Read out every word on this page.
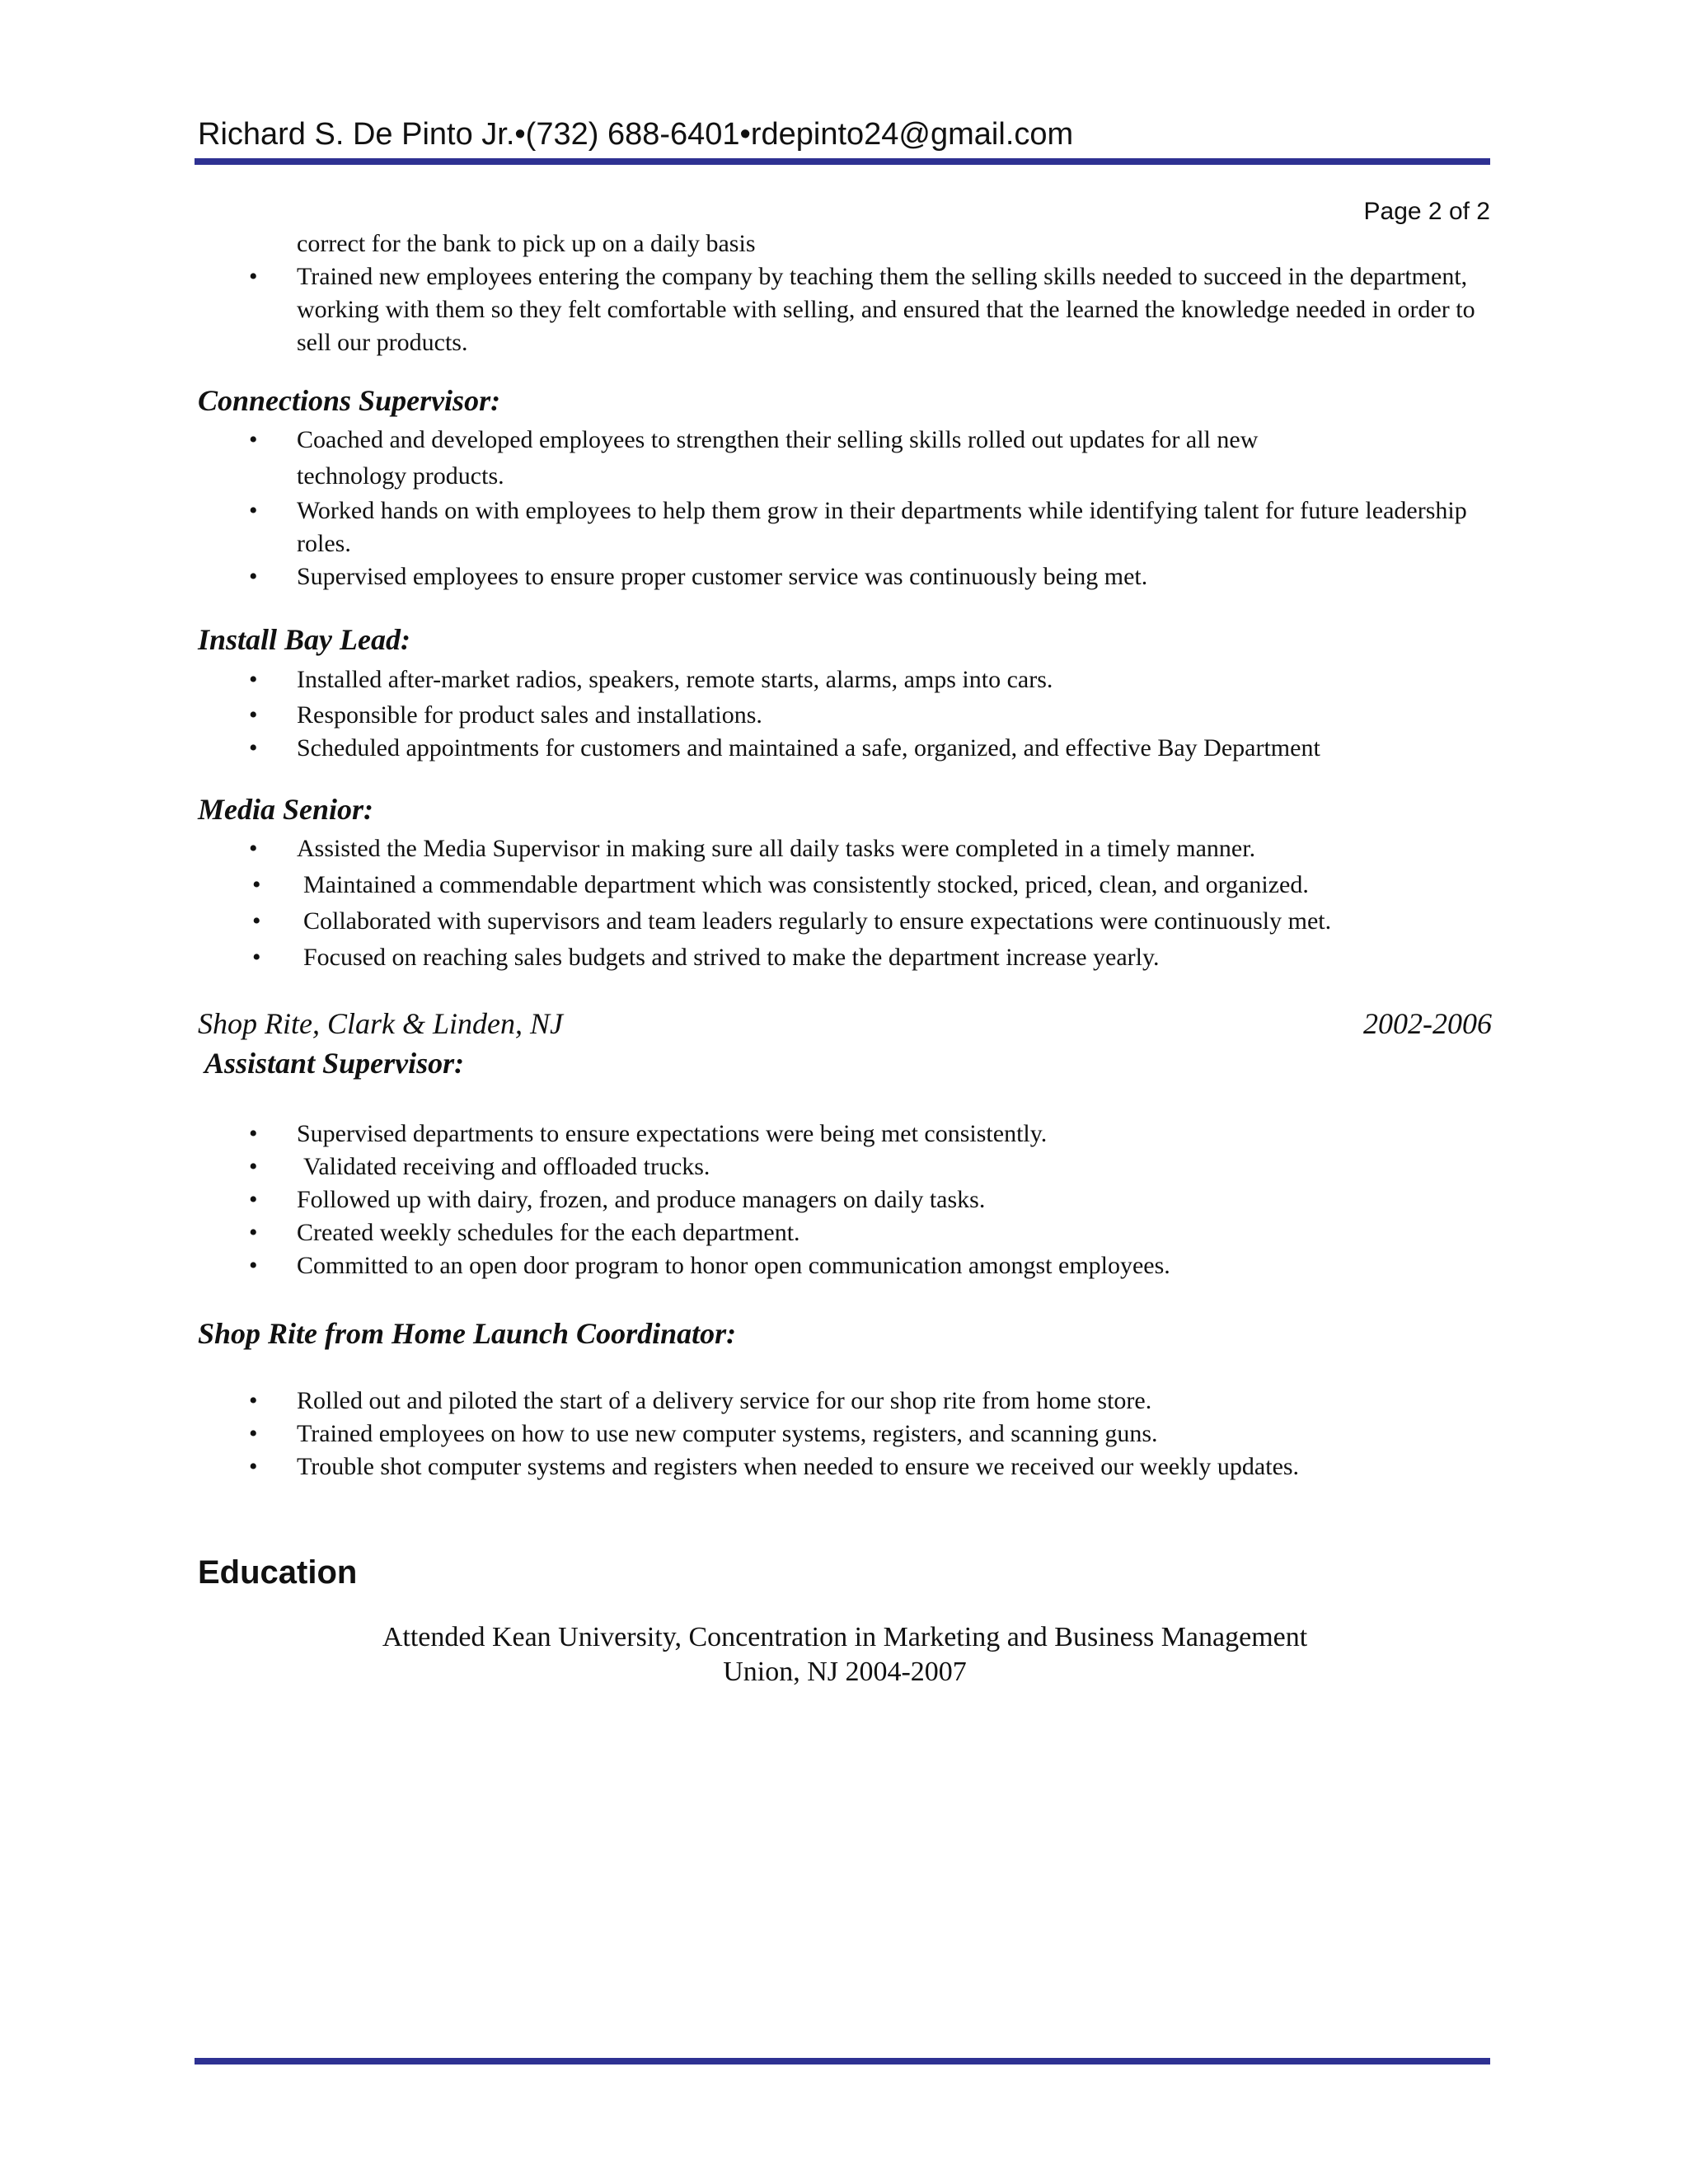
Richard S. De Pinto Jr.•(732) 688-6401•rdepinto24@gmail.com
Page 2 of 2
correct for the bank to pick up on a daily basis
• Trained new employees entering the company by teaching them the selling skills needed to succeed in the department, working with them so they felt comfortable with selling, and ensured that the learned the knowledge needed in order to sell our products.
Connections Supervisor:
• Coached and developed employees to strengthen their selling skills rolled out updates for all new technology products.
• Worked hands on with employees to help them grow in their departments while identifying talent for future leadership roles.
• Supervised employees to ensure proper customer service was continuously being met.
Install Bay Lead:
• Installed after-market radios, speakers, remote starts, alarms, amps into cars.
• Responsible for product sales and installations.
• Scheduled appointments for customers and maintained a safe, organized, and effective Bay Department
Media Senior:
• Assisted the Media Supervisor in making sure all daily tasks were completed in a timely manner.
• Maintained a commendable department which was consistently stocked, priced, clean, and organized.
• Collaborated with supervisors and team leaders regularly to ensure expectations were continuously met.
• Focused on reaching sales budgets and strived to make the department increase yearly.
Shop Rite, Clark & Linden, NJ	2002-2006
Assistant Supervisor:
• Supervised departments to ensure expectations were being met consistently.
• Validated receiving and offloaded trucks.
• Followed up with dairy, frozen, and produce managers on daily tasks.
• Created weekly schedules for the each department.
• Committed to an open door program to honor open communication amongst employees.
Shop Rite from Home Launch Coordinator:
• Rolled out and piloted the start of a delivery service for our shop rite from home store.
• Trained employees on how to use new computer systems, registers, and scanning guns.
• Trouble shot computer systems and registers when needed to ensure we received our weekly updates.
Education
Attended Kean University, Concentration in Marketing and Business Management
Union, NJ 2004-2007
